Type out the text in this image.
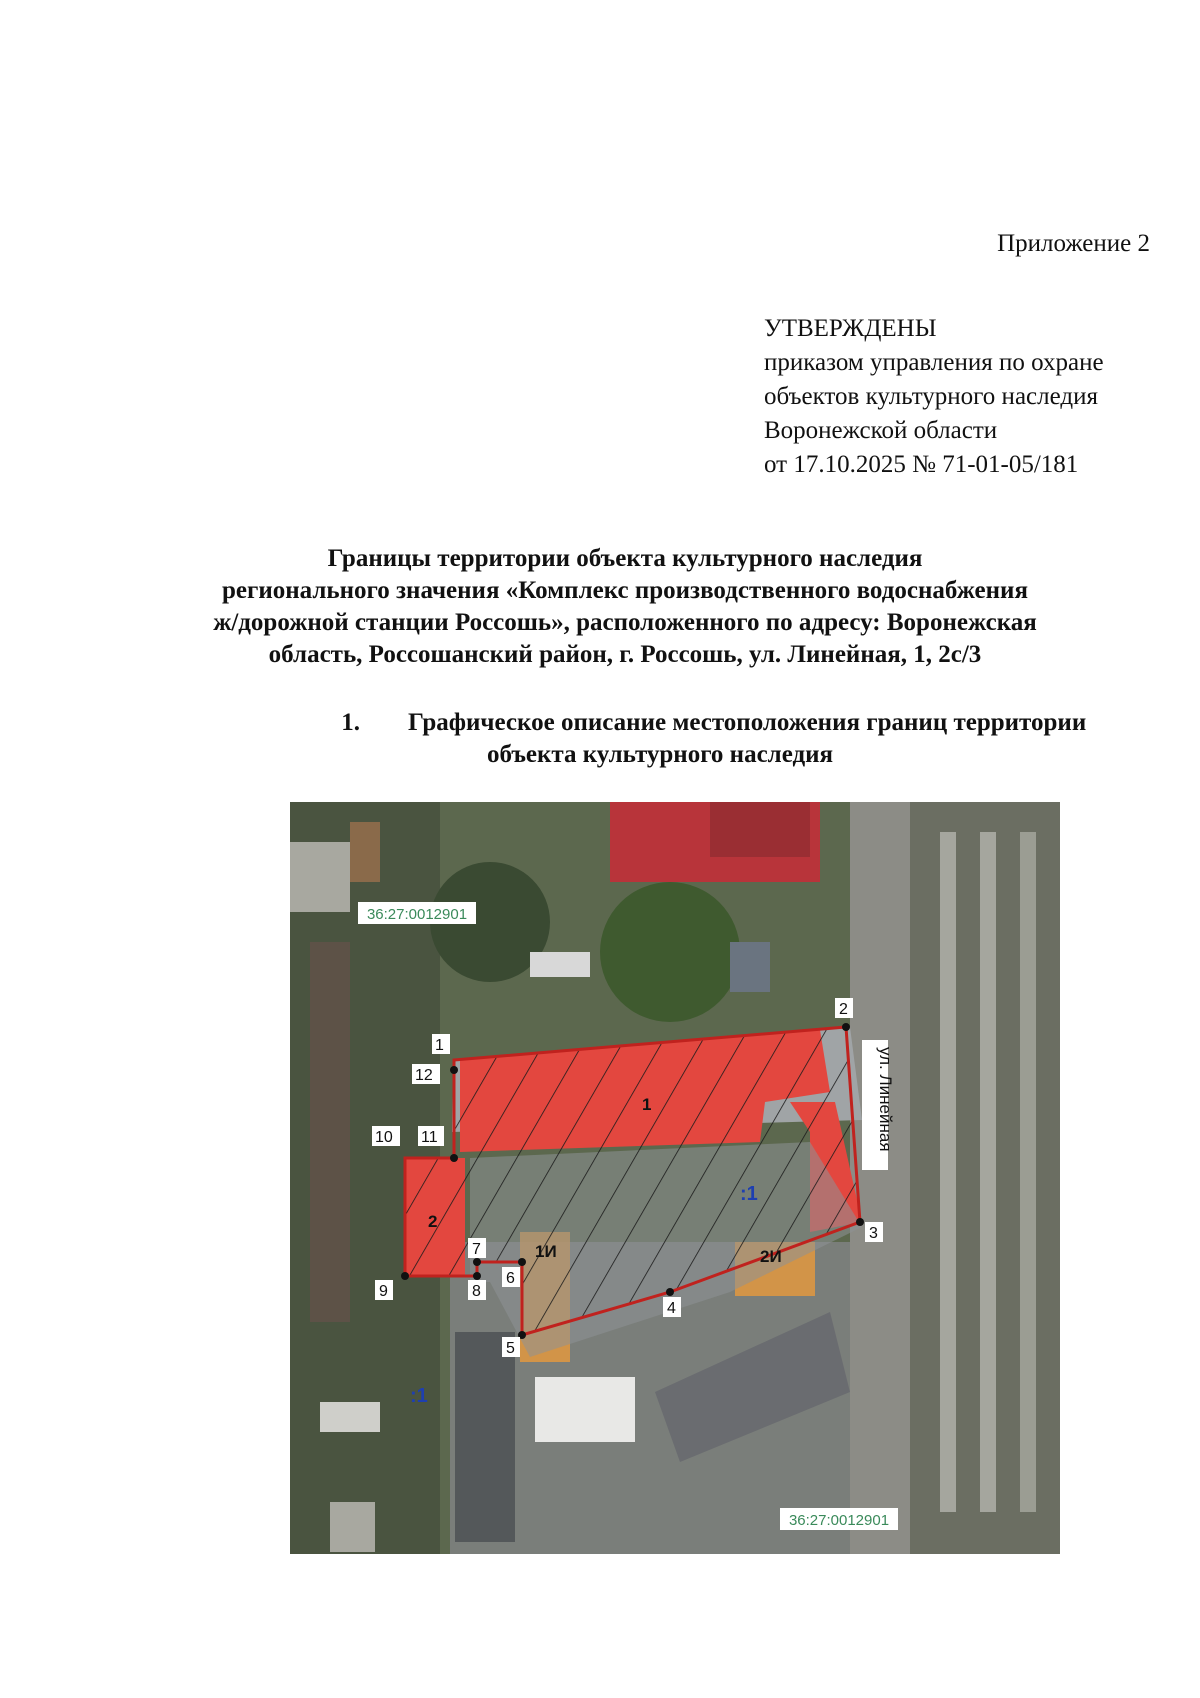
Приложение 2
УТВЕРЖДЕНЫ
приказом управления по охране
объектов культурного наследия
Воронежской области
от 17.10.2025 № 71-01-05/181
Границы территории объекта культурного наследия
регионального значения «Комплекс производственного водоснабжения
ж/дорожной станции Россошь», расположенного по адресу: Воронежская
область, Россошанский район, г. Россошь, ул. Линейная, 1, 2с/3
1. Графическое описание местоположения границ территории
объекта культурного наследия
36:27:0012901
36:27:0012901
ул. Линейная
1
2
1И	2И
:1
:1
1
2
3
4
5
6
7
8
9
10 11
12
